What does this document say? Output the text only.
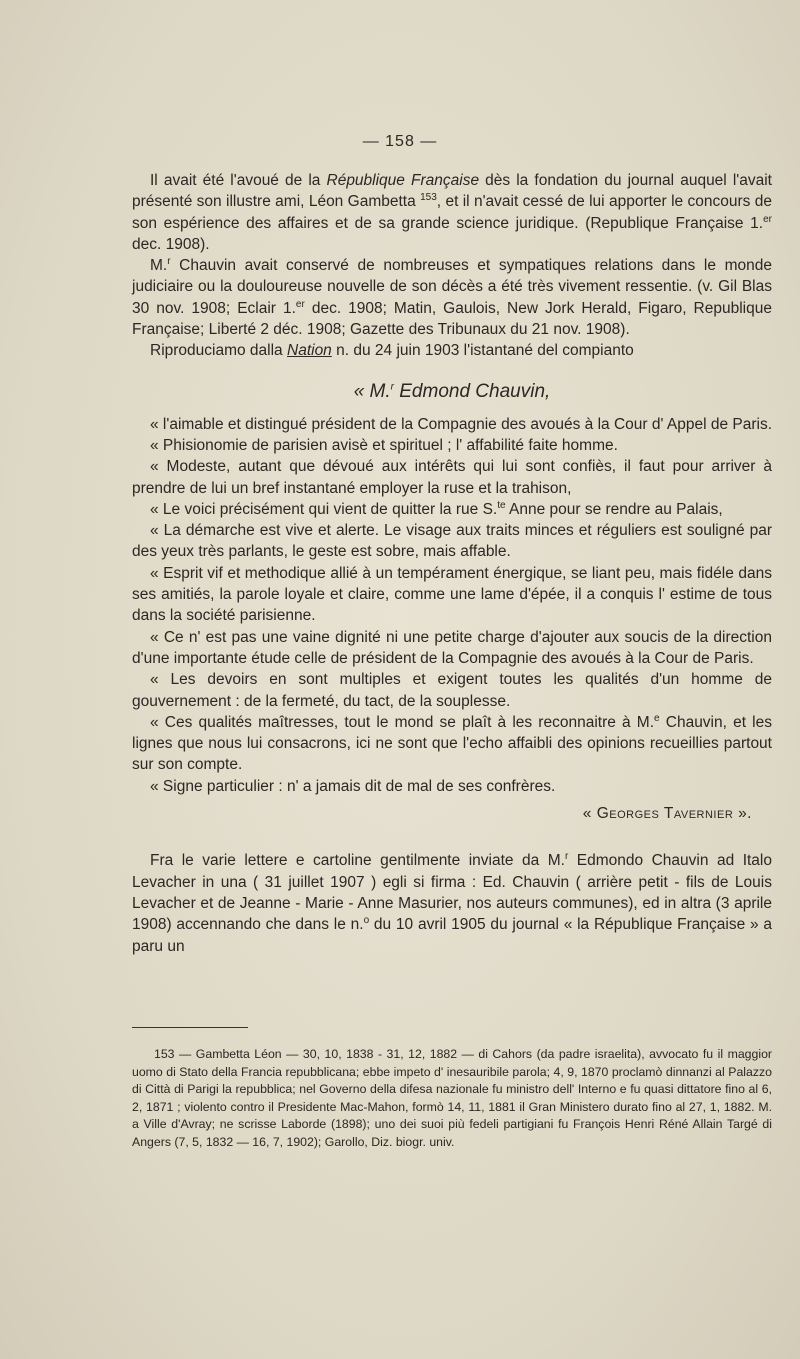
— 158 —

Il avait été l'avoué de la République Française dès la fondation du journal auquel l'avait présenté son illustre ami, Léon Gambetta $^{153}$, et il n'avait cessé de lui apporter le concours de son espérience des affaires et de sa grande science juridique. (Republique Française 1.$^{er}$ dec. 1908).

M.$^r$ Chauvin avait conservé de nombreuses et sympatiques relations dans le monde judiciaire ou la douloureuse nouvelle de son décès a été très vivement ressentie. (v. Gil Blas 30 nov. 1908; Eclair 1.$^{er}$ dec. 1908; Matin, Gaulois, New Jork Herald, Figaro, Republique Française; Liberté 2 déc. 1908; Gazette des Tribunaux du 21 nov. 1908).

Riproduciamo dalla Nation n. du 24 juin 1903 l'istantané del compianto

« M.$^r$ Edmond Chauvin,

« l'aimable et distingué président de la Compagnie des avoués à la Cour d' Appel de Paris.

« Phisionomie de parisien avisè et spirituel ; l' affabilité faite homme.

« Modeste, autant que dévoué aux intérêts qui lui sont confiès, il faut pour arriver à prendre de lui un bref instantané employer la ruse et la trahison,

« Le voici précisément qui vient de quitter la rue S.$^{te}$ Anne pour se rendre au Palais,

« La démarche est vive et alerte. Le visage aux traits minces et réguliers est souligné par des yeux très parlants, le geste est sobre, mais affable.

« Esprit vif et methodique allié à un tempérament énergique, se liant peu, mais fidéle dans ses amitiés, la parole loyale et claire, comme une lame d'épée, il a conquis l' estime de tous dans la société parisienne.

« Ce n' est pas une vaine dignité ni une petite charge d'ajouter aux soucis de la direction d'une importante étude celle de président de la Compagnie des avoués à la Cour de Paris.

« Les devoirs en sont multiples et exigent toutes les qualités d'un homme de gouvernement : de la fermeté, du tact, de la souplesse.

« Ces qualités maîtresses, tout le mond se plaît à les reconnaitre à M.$^e$ Chauvin, et les lignes que nous lui consacrons, ici ne sont que l'echo affaibli des opinions recueillies partout sur son compte.

« Signe particulier : n' a jamais dit de mal de ses confrères.

« Georges Tavernier ».

Fra le varie lettere e cartoline gentilmente inviate da M.$^r$ Edmondo Chauvin ad Italo Levacher in una ( 31 juillet 1907 ) egli si firma : Ed. Chauvin ( arrière petit - fils de Louis Levacher et de Jeanne - Marie - Anne Masurier, nos auteurs communes), ed in altra (3 aprile 1908) accennando che dans le n.$^o$ du 10 avril 1905 du journal « la République Française » a paru un

153 — Gambetta Léon — 30, 10, 1838 - 31, 12, 1882 — di Cahors (da padre israelita), avvocato fu il maggior uomo di Stato della Francia repubblicana; ebbe impeto d' inesauribile parola; 4, 9, 1870 proclamò dinnanzi al Palazzo di Città di Parigi la repubblica; nel Governo della difesa nazionale fu ministro dell' Interno e fu quasi dittatore fino al 6, 2, 1871 ; violento contro il Presidente Mac-Mahon, formò 14, 11, 1881 il Gran Ministero durato fino al 27, 1, 1882. M. a Ville d'Avray; ne scrisse Laborde (1898); uno dei suoi più fedeli partigiani fu François Henri Réné Allain Targé di Angers (7, 5, 1832 — 16, 7, 1902); Garollo, Diz. biogr. univ.
